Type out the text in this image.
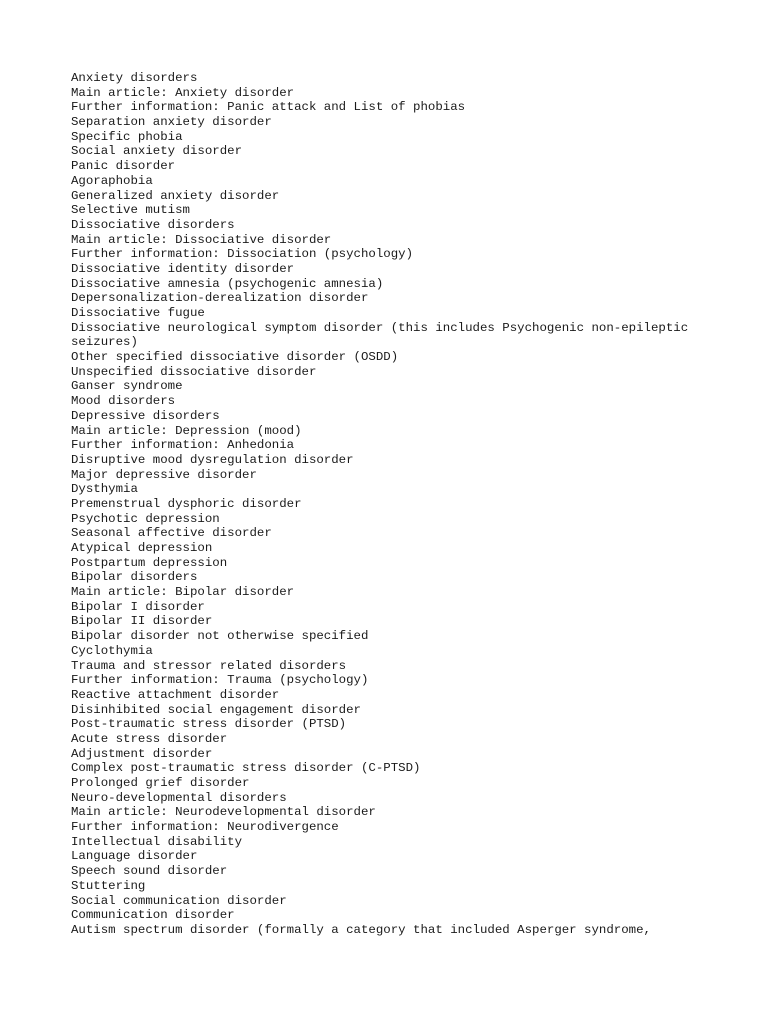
Anxiety disorders
Main article: Anxiety disorder
Further information: Panic attack and List of phobias
Separation anxiety disorder
Specific phobia
Social anxiety disorder
Panic disorder
Agoraphobia
Generalized anxiety disorder
Selective mutism
Dissociative disorders
Main article: Dissociative disorder
Further information: Dissociation (psychology)
Dissociative identity disorder
Dissociative amnesia (psychogenic amnesia)
Depersonalization-derealization disorder
Dissociative fugue
Dissociative neurological symptom disorder (this includes Psychogenic non-epileptic
seizures)
Other specified dissociative disorder (OSDD)
Unspecified dissociative disorder
Ganser syndrome
Mood disorders
Depressive disorders
Main article: Depression (mood)
Further information: Anhedonia
Disruptive mood dysregulation disorder
Major depressive disorder
Dysthymia
Premenstrual dysphoric disorder
Psychotic depression
Seasonal affective disorder
Atypical depression
Postpartum depression
Bipolar disorders
Main article: Bipolar disorder
Bipolar I disorder
Bipolar II disorder
Bipolar disorder not otherwise specified
Cyclothymia
Trauma and stressor related disorders
Further information: Trauma (psychology)
Reactive attachment disorder
Disinhibited social engagement disorder
Post-traumatic stress disorder (PTSD)
Acute stress disorder
Adjustment disorder
Complex post-traumatic stress disorder (C-PTSD)
Prolonged grief disorder
Neuro-developmental disorders
Main article: Neurodevelopmental disorder
Further information: Neurodivergence
Intellectual disability
Language disorder
Speech sound disorder
Stuttering
Social communication disorder
Communication disorder
Autism spectrum disorder (formally a category that included Asperger syndrome,
